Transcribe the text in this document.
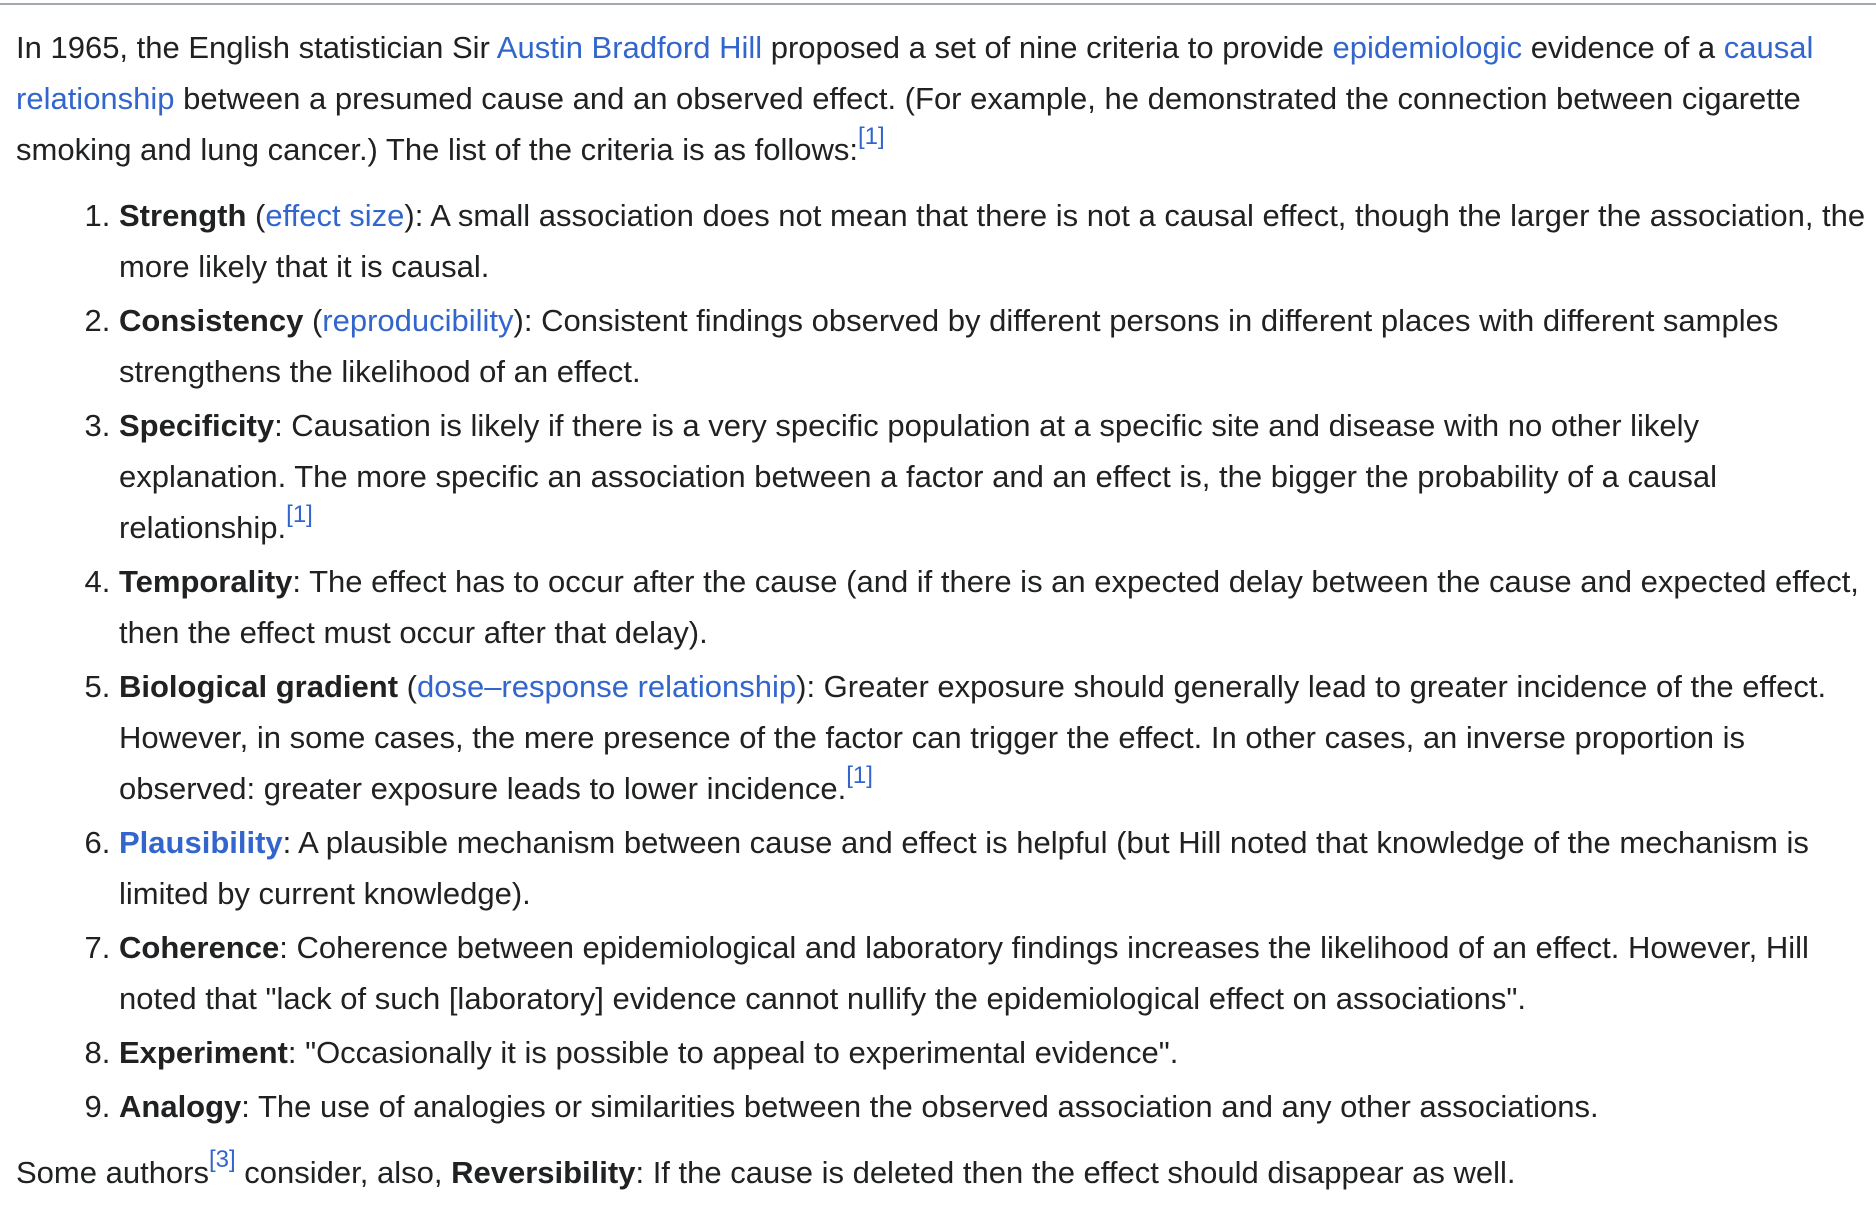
In 1965, the English statistician Sir Austin Bradford Hill proposed a set of nine criteria to provide epidemiologic evidence of a causal relationship between a presumed cause and an observed effect. (For example, he demonstrated the connection between cigarette smoking and lung cancer.) The list of the criteria is as follows:[1]

1. Strength (effect size): A small association does not mean that there is not a causal effect, though the larger the association, the more likely that it is causal.
2. Consistency (reproducibility): Consistent findings observed by different persons in different places with different samples strengthens the likelihood of an effect.
3. Specificity: Causation is likely if there is a very specific population at a specific site and disease with no other likely explanation. The more specific an association between a factor and an effect is, the bigger the probability of a causal relationship.[1]
4. Temporality: The effect has to occur after the cause (and if there is an expected delay between the cause and expected effect, then the effect must occur after that delay).
5. Biological gradient (dose–response relationship): Greater exposure should generally lead to greater incidence of the effect. However, in some cases, the mere presence of the factor can trigger the effect. In other cases, an inverse proportion is observed: greater exposure leads to lower incidence.[1]
6. Plausibility: A plausible mechanism between cause and effect is helpful (but Hill noted that knowledge of the mechanism is limited by current knowledge).
7. Coherence: Coherence between epidemiological and laboratory findings increases the likelihood of an effect. However, Hill noted that "lack of such [laboratory] evidence cannot nullify the epidemiological effect on associations".
8. Experiment: "Occasionally it is possible to appeal to experimental evidence".
9. Analogy: The use of analogies or similarities between the observed association and any other associations.

Some authors[3] consider, also, Reversibility: If the cause is deleted then the effect should disappear as well.
